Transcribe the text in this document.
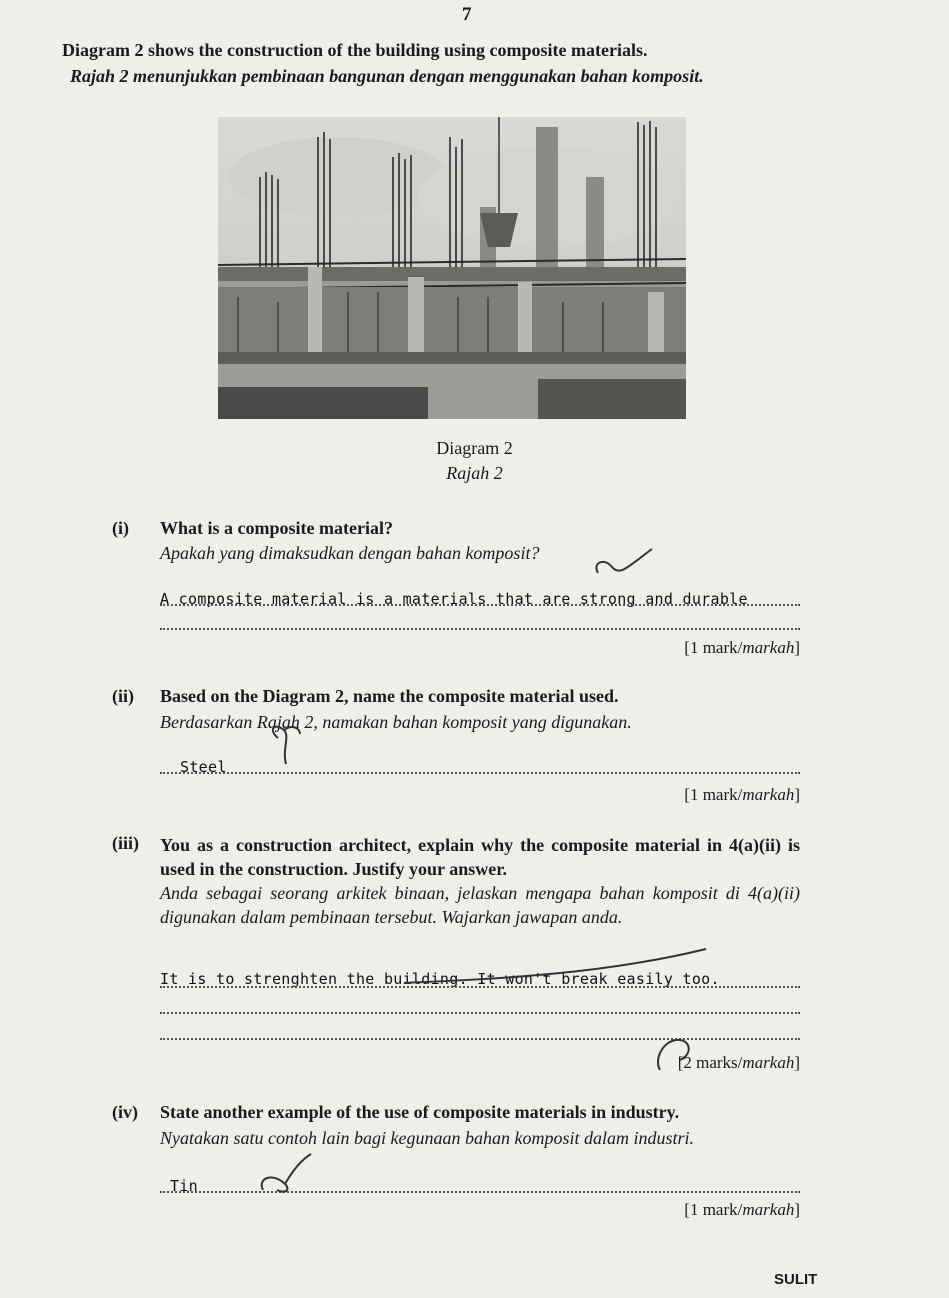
7
Diagram 2 shows the construction of the building using composite materials.
Rajah 2 menunjukkan pembinaan bangunan dengan menggunakan bahan komposit.
Diagram 2
Rajah 2
(i) What is a composite material?
Apakah yang dimaksudkan dengan bahan komposit?
A composite material is a materials that are strong and durable
[1 mark/markah]
(ii) Based on the Diagram 2, name the composite material used.
Berdasarkan Rajah 2, namakan bahan komposit yang digunakan.
Steel
[1 mark/markah]
(iii) You as a construction architect, explain why the composite material in 4(a)(ii) is used in the construction. Justify your answer.
Anda sebagai seorang arkitek binaan, jelaskan mengapa bahan komposit di 4(a)(ii) digunakan dalam pembinaan tersebut. Wajarkan jawapan anda.
It is to strenghten the building. It won't break easily too.
[2 marks/markah]
(iv) State another example of the use of composite materials in industry.
Nyatakan satu contoh lain bagi kegunaan bahan komposit dalam industri.
Tin
[1 mark/markah]
SULIT
